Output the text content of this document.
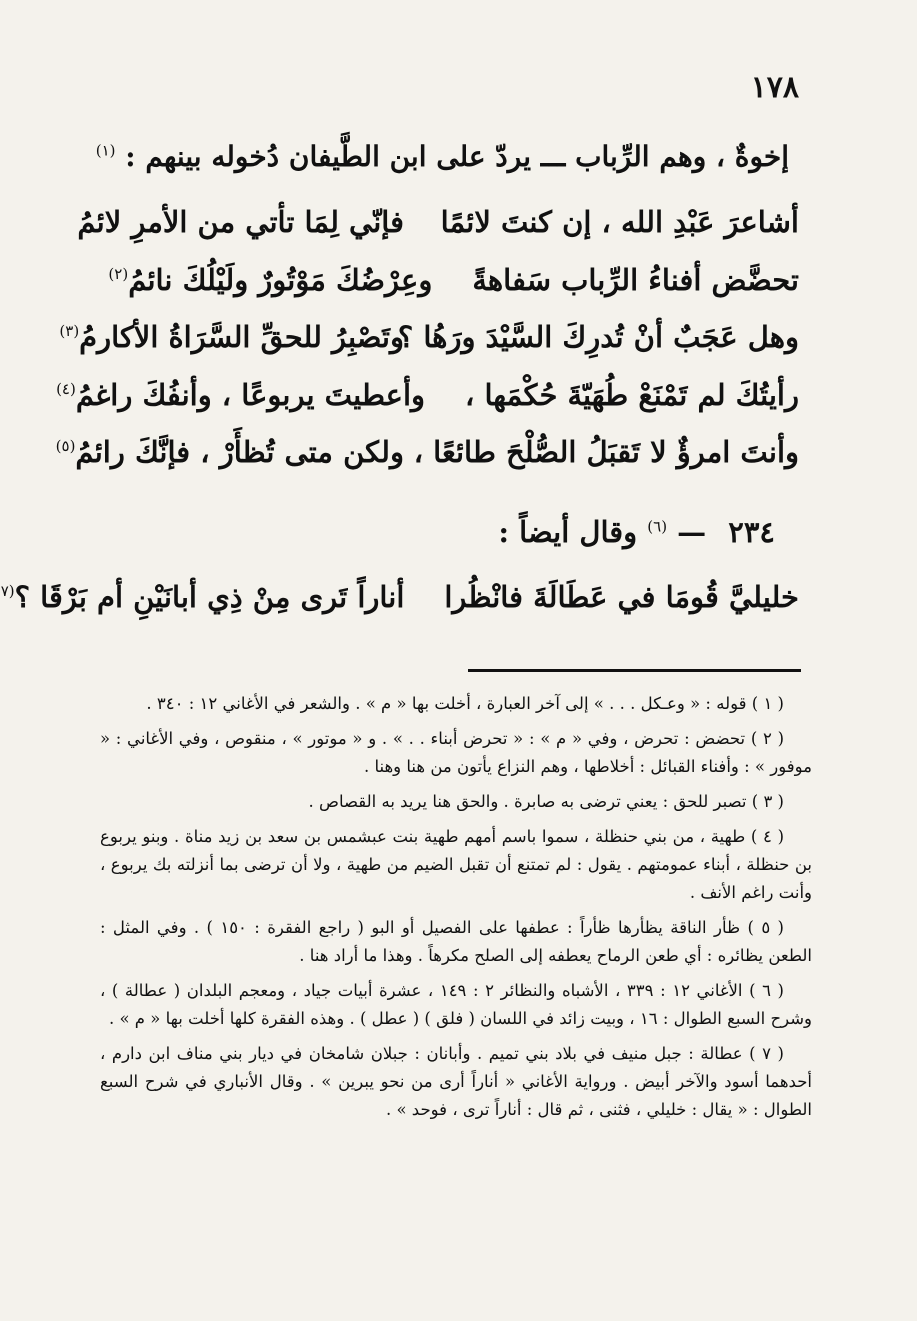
١٧٨
إخوةٌ ، وهم الرِّباب ـــ يردّ على ابن الطَّيفان دُخوله بينهم : $^{(١)}$
أشاعرَ عَبْدِ الله ، إن كنتَ لائمًا
فإنّي لِمَا تأتي من الأمرِ لائمُ
تحضَّض أفناءُ الرِّباب سَفاهةً
وعِرْضُكَ مَوْتُورٌ ولَيْلُكَ نائمُ$^{(٢)}$
وهل عَجَبٌ أنْ تُدرِكَ السَّيْدَ ورَهُا ؟
وتَصْبِرُ للحقِّ السَّرَاةُ الأكارمُ$^{(٣)}$
رأيتُكَ لم تَمْنَعْ طُهَيّةَ حُكْمَها ،
وأعطيتَ يربوعًا ، وأنفُكَ راغمُ$^{(٤)}$
وأنتَ امرؤٌ لا تَقبَلُ الصُّلْحَ طائعًا ،
ولكن متى تُظأَرْ ، فإنَّكَ رائمُ$^{(٥)}$
٢٣٤ — $^{(٦)}$ وقال أيضاً :
خليليَّ قُومَا في عَطَالَةَ فانْظُرا
أناراً تَرى مِنْ ذِي أبانَيْنِ أم بَرْقَا ؟$^{(٧}$

( ١ ) قوله : « وعـكل . . . » إلى آخر العبارة ، أخلت بها « م » . والشعر في الأغاني ١٢ : ٣٤٠ .

( ٢ ) تحضض : تحرض ، وفي « م » : « تحرض أبناء . . » . و « موتور » ، منقوص ، وفي الأغاني : « موفور » : وأفناء القبائل : أخلاطها ، وهم النزاع يأتون من هنا وهنا .

( ٣ ) تصبر للحق : يعني ترضى به صابرة . والحق هنا يريد به القصاص .

( ٤ ) طهية ، من بني حنظلة ، سموا باسم أمهم طهية بنت عبشمس بن سعد بن زيد مناة . وبنو يربوع بن حنظلة ، أبناء عمومتهم . يقول : لم تمتنع أن تقبل الضيم من طهية ، ولا أن ترضى بما أنزلته بك يربوع ، وأنت راغم الأنف .

( ٥ ) ظأر الناقة يظأرها ظأراً : عطفها على الفصيل أو البو ( راجع الفقرة : ١٥٠ ) . وفي المثل : الطعن يظائره : أي طعن الرماح يعطفه إلى الصلح مكرهاً . وهذا ما أراد هنا .

( ٦ ) الأغاني ١٢ : ٣٣٩ ، الأشباه والنظائر ٢ : ١٤٩ ، عشرة أبيات جياد ، ومعجم البلدان ( عطالة ) ، وشرح السبع الطوال : ١٦ ، وبيت زائد في اللسان ( فلق ) ( عطل ) . وهذه الفقرة كلها أخلت بها « م » .

( ٧ ) عطالة : جبل منيف في بلاد بني تميم . وأبانان : جبلان شامخان في ديار بني مناف ابن دارم ، أحدهما أسود والآخر أبيض . ورواية الأغاني « أناراً أرى من نحو يبرين » . وقال الأنباري في شرح السبع الطوال : « يقال : خليلي ، فثنى ، ثم قال : أناراً ترى ، فوحد » .
